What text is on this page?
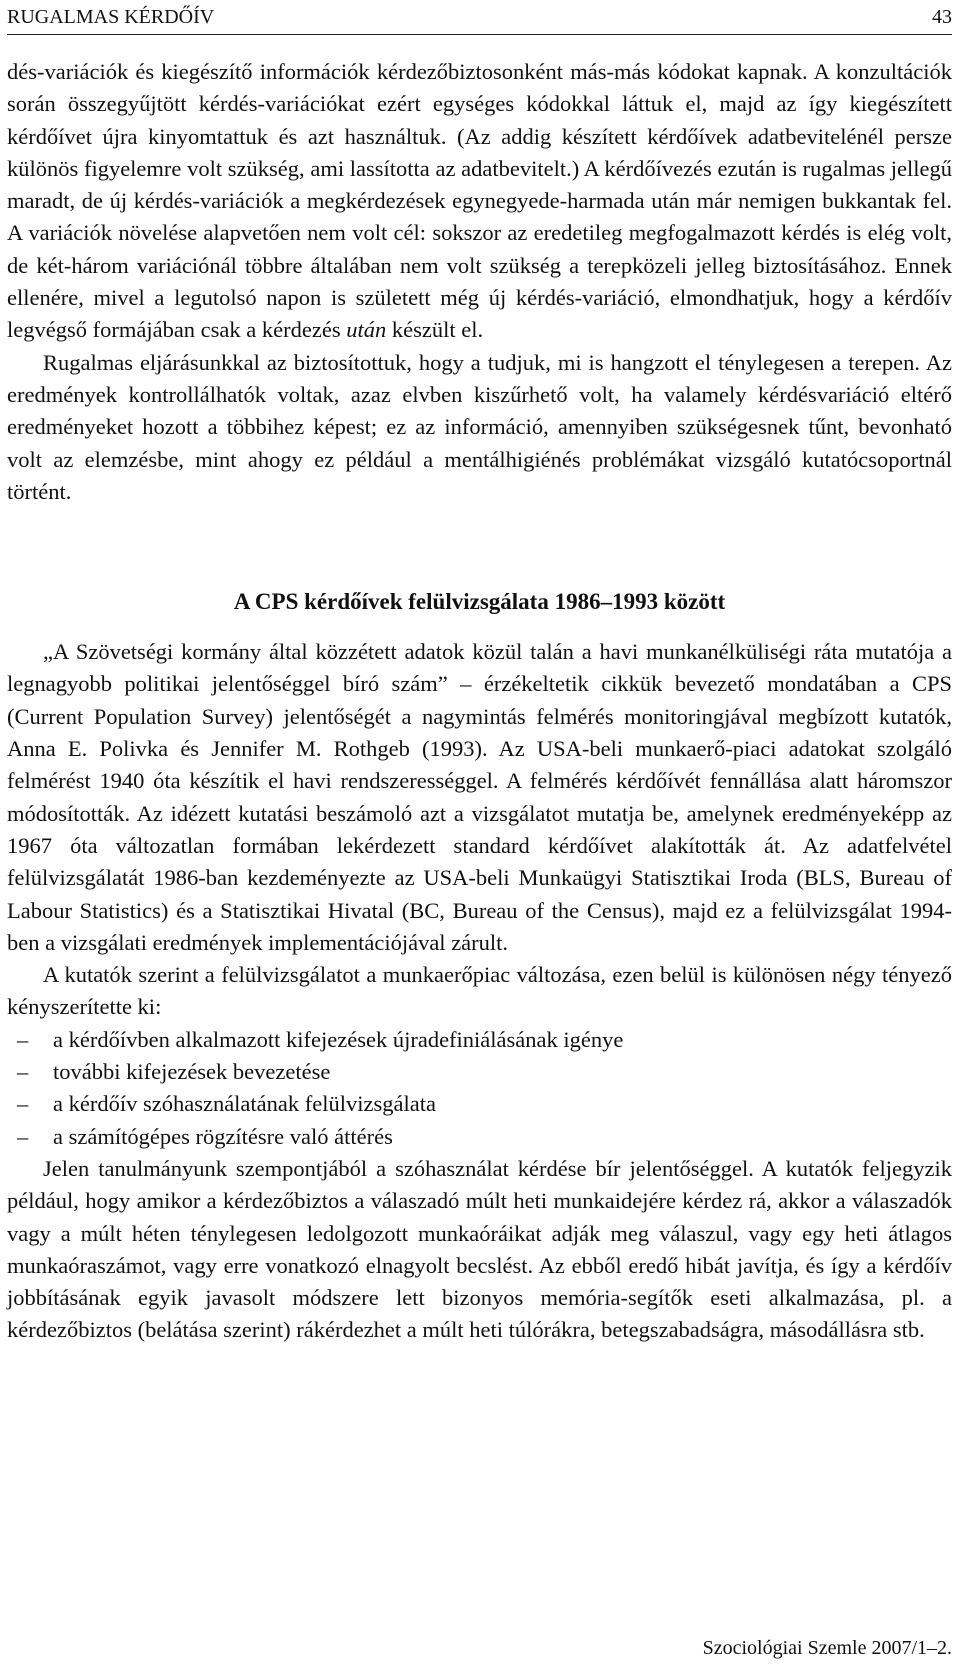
RUGALMAS KÉRDŐÍV	43

dés-variációk és kiegészítő információk kérdezőbiztosonként más-más kódokat kapnak. A konzultációk során összegyűjtött kérdés-variációkat ezért egységes kódokkal láttuk el, majd az így kiegészített kérdőívet újra kinyomtattuk és azt használtuk. (Az addig készített kérdőívek adatbevitelénél persze különös figyelemre volt szükség, ami lassította az adatbevitelt.) A kérdőívezés ezután is rugalmas jellegű maradt, de új kérdés-variációk a megkérdezések egynegyede-harmada után már nemigen bukkantak fel. A variációk növelése alapvetően nem volt cél: sokszor az eredetileg megfogalmazott kérdés is elég volt, de két-három variációnál többre általában nem volt szükség a terepközeli jelleg biztosításához. Ennek ellenére, mivel a legutolsó napon is született még új kérdés-variáció, elmondhatjuk, hogy a kérdőív legvégső formájában csak a kérdezés után készült el.

Rugalmas eljárásunkkal az biztosítottuk, hogy a tudjuk, mi is hangzott el ténylegesen a terepen. Az eredmények kontrollálhatók voltak, azaz elvben kiszűrhető volt, ha valamely kérdésvariáció eltérő eredményeket hozott a többihez képest; ez az információ, amennyiben szükségesnek tűnt, bevonható volt az elemzésbe, mint ahogy ez például a mentálhigiénés problémákat vizsgáló kutatócsoportnál történt.

A CPS kérdőívek felülvizsgálata 1986–1993 között

„A Szövetségi kormány által közzétett adatok közül talán a havi munkanélküliségi ráta mutatója a legnagyobb politikai jelentőséggel bíró szám” – érzékeltetik cikkük bevezető mondatában a CPS (Current Population Survey) jelentőségét a nagymintás felmérés monitoringjával megbízott kutatók, Anna E. Polivka és Jennifer M. Rothgeb (1993). Az USA-beli munkaerő-piaci adatokat szolgáló felmérést 1940 óta készítik el havi rendszerességgel. A felmérés kérdőívét fennállása alatt háromszor módosították. Az idézett kutatási beszámoló azt a vizsgálatot mutatja be, amelynek eredményeképp az 1967 óta változatlan formában lekérdezett standard kérdőívet alakították át. Az adatfelvétel felülvizsgálatát 1986-ban kezdeményezte az USA-beli Munkaügyi Statisztikai Iroda (BLS, Bureau of Labour Statistics) és a Statisztikai Hivatal (BC, Bureau of the Census), majd ez a felülvizsgálat 1994-ben a vizsgálati eredmények implementációjával zárult.

A kutatók szerint a felülvizsgálatot a munkaerőpiac változása, ezen belül is különösen négy tényező kényszerítette ki:

– a kérdőívben alkalmazott kifejezések újradefiniálásának igénye
– további kifejezések bevezetése
– a kérdőív szóhasználatának felülvizsgálata
– a számítógépes rögzítésre való áttérés

Jelen tanulmányunk szempontjából a szóhasználat kérdése bír jelentőséggel. A kutatók feljegyzik például, hogy amikor a kérdezőbiztos a válaszadó múlt heti munkaidejére kérdez rá, akkor a válaszadók vagy a múlt héten ténylegesen ledolgozott munkaóráikat adják meg válaszul, vagy egy heti átlagos munkaóraszámot, vagy erre vonatkozó elnagyolt becslést. Az ebből eredő hibát javítja, és így a kérdőív jobbításának egyik javasolt módszere lett bizonyos memória-segítők eseti alkalmazása, pl. a kérdezőbiztos (belátása szerint) rákérdezhet a múlt heti túlórákra, betegszabadságra, másodállásra stb.

Szociológiai Szemle 2007/1–2.
